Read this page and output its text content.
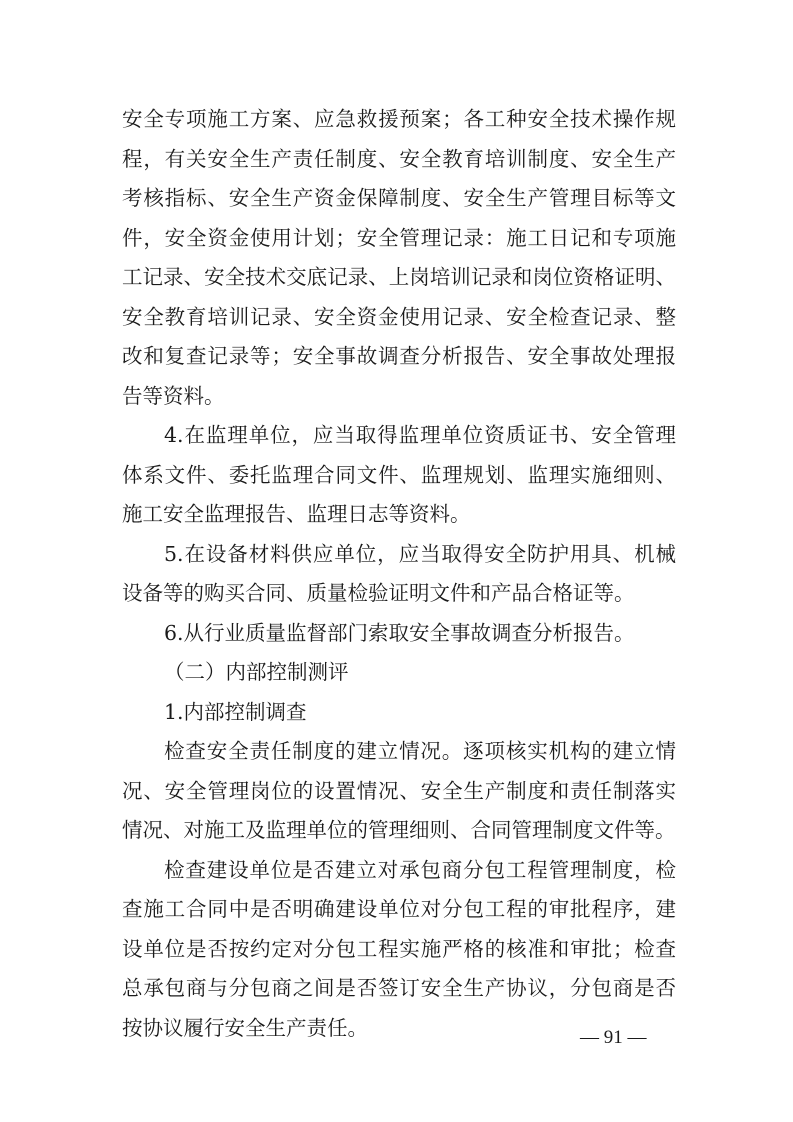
安全专项施工方案、应急救援预案；各工种安全技术操作规
程，有关安全生产责任制度、安全教育培训制度、安全生产
考核指标、安全生产资金保障制度、安全生产管理目标等文
件，安全资金使用计划；安全管理记录：施工日记和专项施
工记录、安全技术交底记录、上岗培训记录和岗位资格证明、
安全教育培训记录、安全资金使用记录、安全检查记录、整
改和复查记录等；安全事故调查分析报告、安全事故处理报
告等资料。
4.在监理单位，应当取得监理单位资质证书、安全管理
体系文件、委托监理合同文件、监理规划、监理实施细则、
施工安全监理报告、监理日志等资料。
5.在设备材料供应单位，应当取得安全防护用具、机械
设备等的购买合同、质量检验证明文件和产品合格证等。
6.从行业质量监督部门索取安全事故调查分析报告。
（二）内部控制测评
1.内部控制调查
检查安全责任制度的建立情况。逐项核实机构的建立情
况、安全管理岗位的设置情况、安全生产制度和责任制落实
情况、对施工及监理单位的管理细则、合同管理制度文件等。
检查建设单位是否建立对承包商分包工程管理制度，检
查施工合同中是否明确建设单位对分包工程的审批程序，建
设单位是否按约定对分包工程实施严格的核准和审批；检查
总承包商与分包商之间是否签订安全生产协议，分包商是否
按协议履行安全生产责任。	— 91 —
